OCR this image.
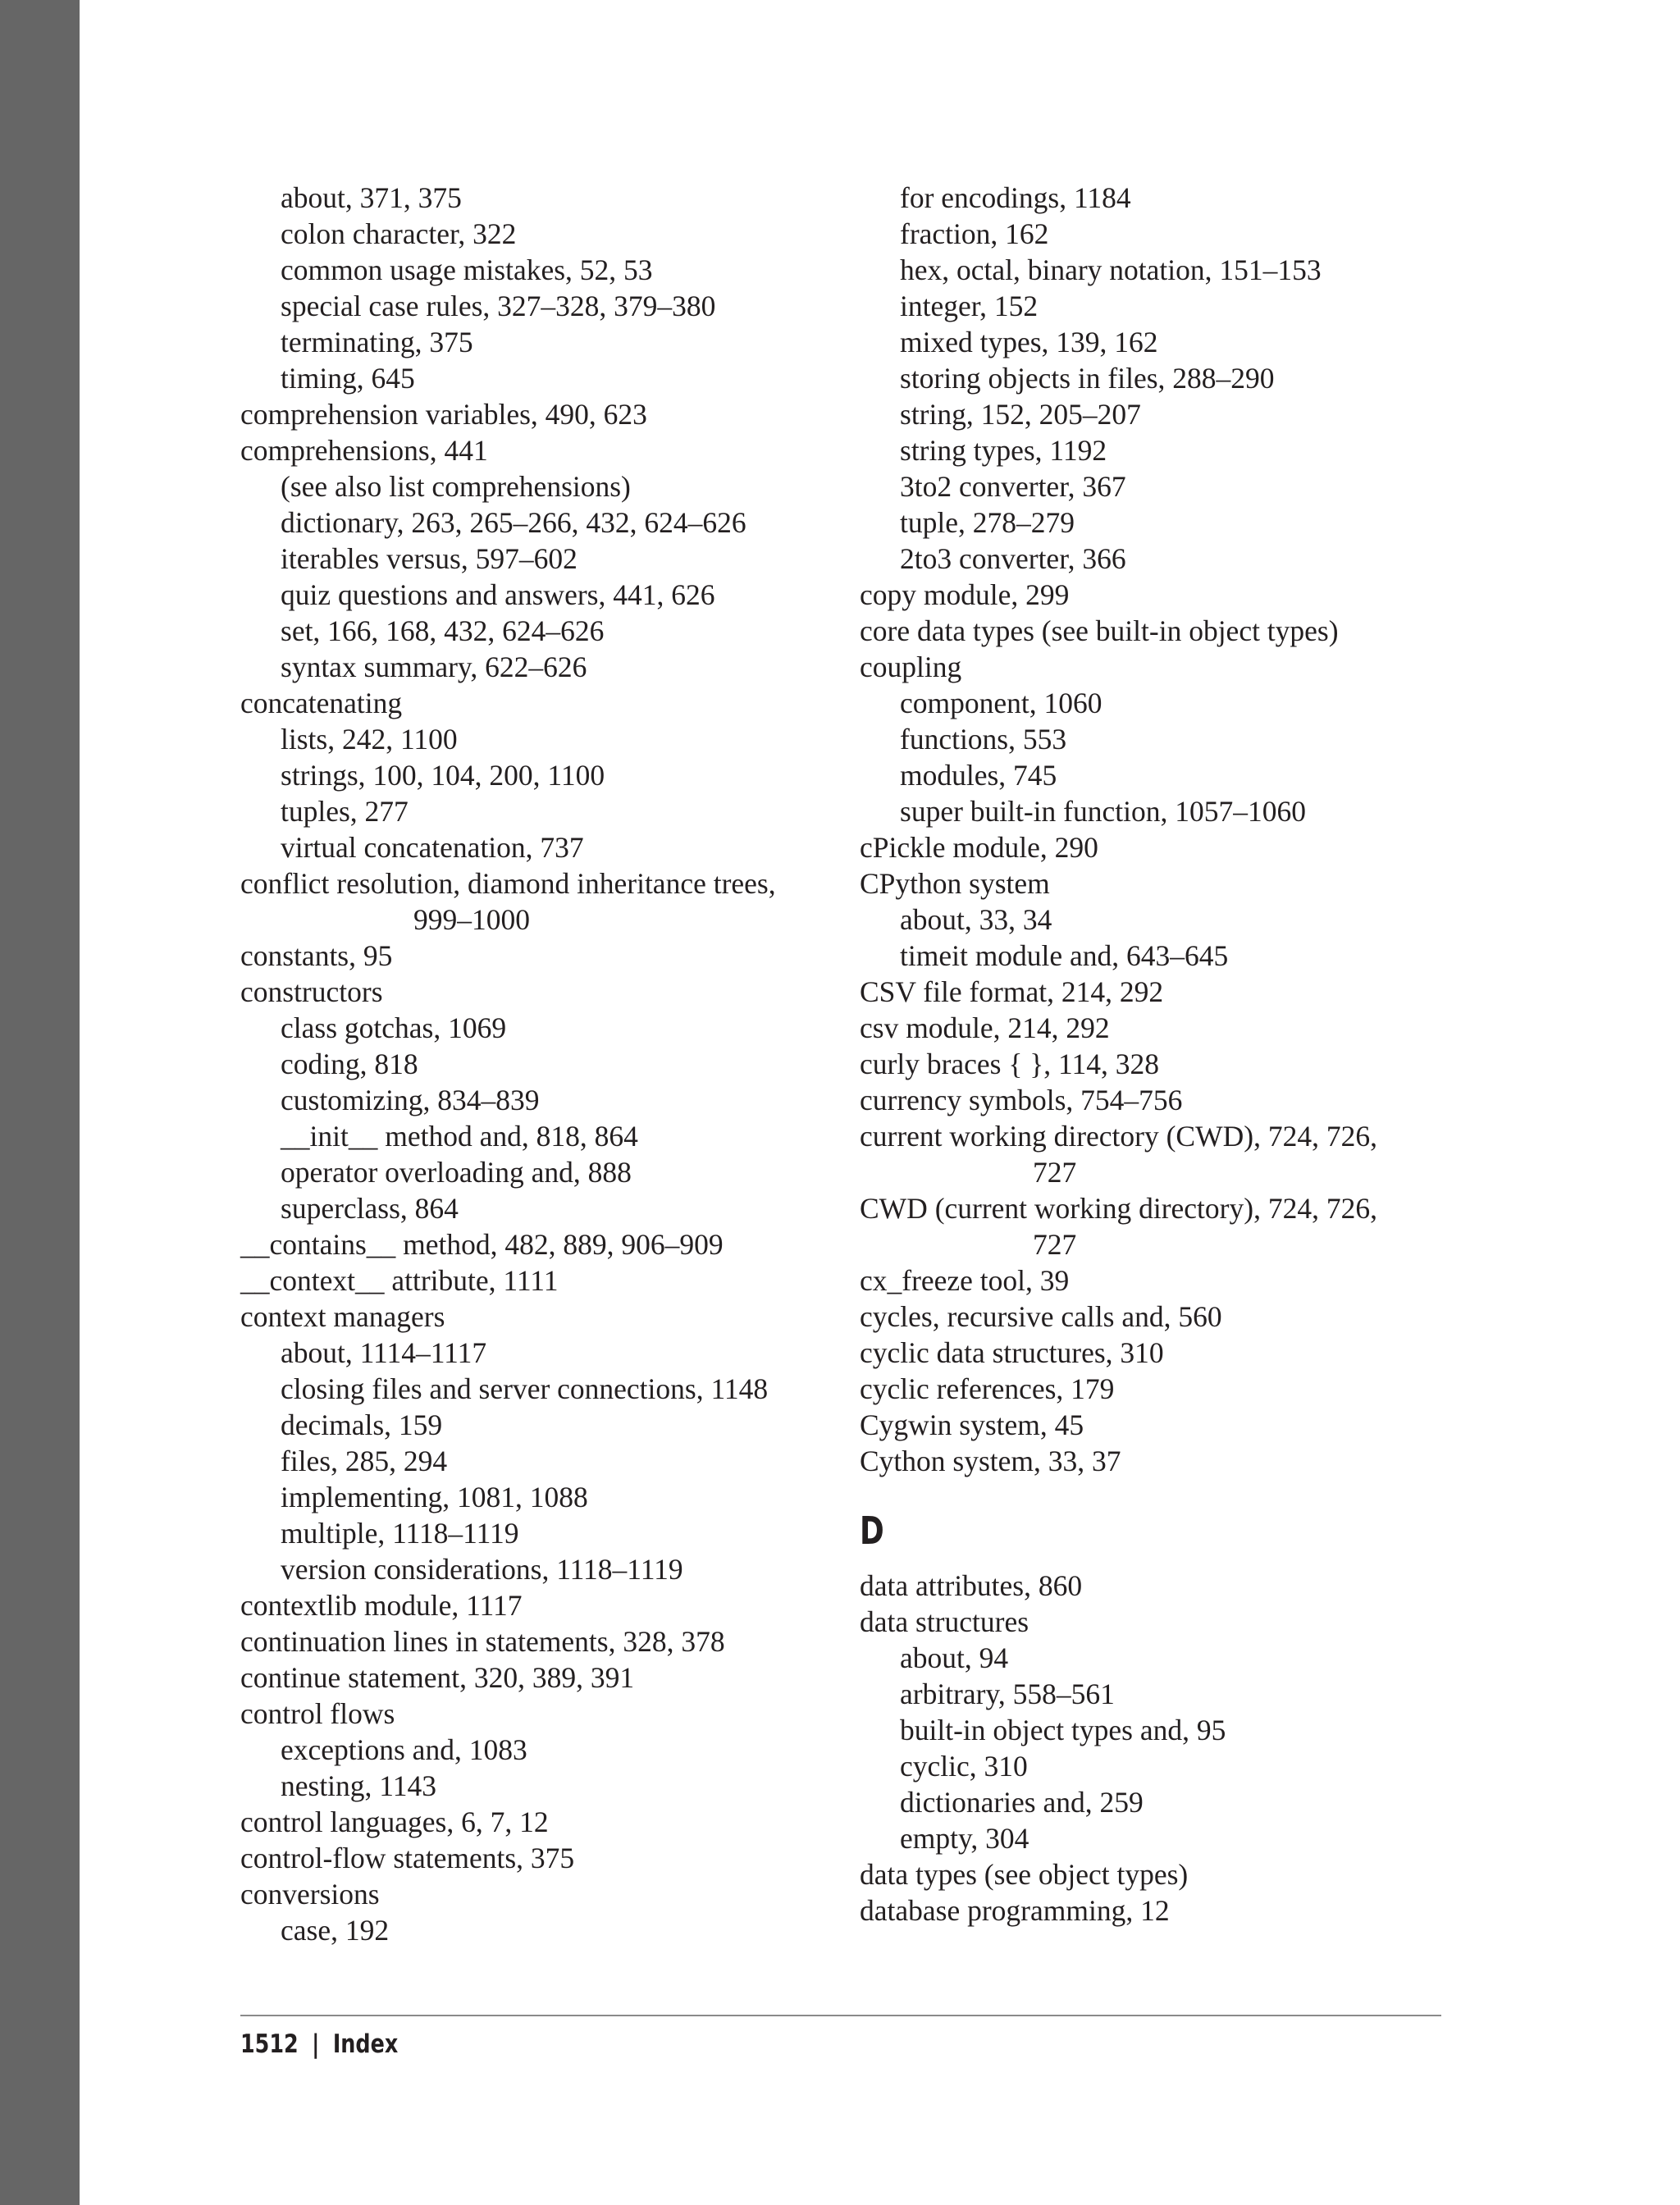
about, 371, 375
colon character, 322
common usage mistakes, 52, 53
special case rules, 327–328, 379–380
terminating, 375
timing, 645
comprehension variables, 490, 623
comprehensions, 441
(see also list comprehensions)
dictionary, 263, 265–266, 432, 624–626
iterables versus, 597–602
quiz questions and answers, 441, 626
set, 166, 168, 432, 624–626
syntax summary, 622–626
concatenating
lists, 242, 1100
strings, 100, 104, 200, 1100
tuples, 277
virtual concatenation, 737
conflict resolution, diamond inheritance trees,
999–1000
constants, 95
constructors
class gotchas, 1069
coding, 818
customizing, 834–839
__init__ method and, 818, 864
operator overloading and, 888
superclass, 864
__contains__ method, 482, 889, 906–909
__context__ attribute, 1111
context managers
about, 1114–1117
closing files and server connections, 1148
decimals, 159
files, 285, 294
implementing, 1081, 1088
multiple, 1118–1119
version considerations, 1118–1119
contextlib module, 1117
continuation lines in statements, 328, 378
continue statement, 320, 389, 391
control flows
exceptions and, 1083
nesting, 1143
control languages, 6, 7, 12
control-flow statements, 375
conversions
case, 192
for encodings, 1184
fraction, 162
hex, octal, binary notation, 151–153
integer, 152
mixed types, 139, 162
storing objects in files, 288–290
string, 152, 205–207
string types, 1192
3to2 converter, 367
tuple, 278–279
2to3 converter, 366
copy module, 299
core data types (see built-in object types)
coupling
component, 1060
functions, 553
modules, 745
super built-in function, 1057–1060
cPickle module, 290
CPython system
about, 33, 34
timeit module and, 643–645
CSV file format, 214, 292
csv module, 214, 292
curly braces { }, 114, 328
currency symbols, 754–756
current working directory (CWD), 724, 726,
727
CWD (current working directory), 724, 726,
727
cx_freeze tool, 39
cycles, recursive calls and, 560
cyclic data structures, 310
cyclic references, 179
Cygwin system, 45
Cython system, 33, 37
D
data attributes, 860
data structures
about, 94
arbitrary, 558–561
built-in object types and, 95
cyclic, 310
dictionaries and, 259
empty, 304
data types (see object types)
database programming, 12
1512 | Index
